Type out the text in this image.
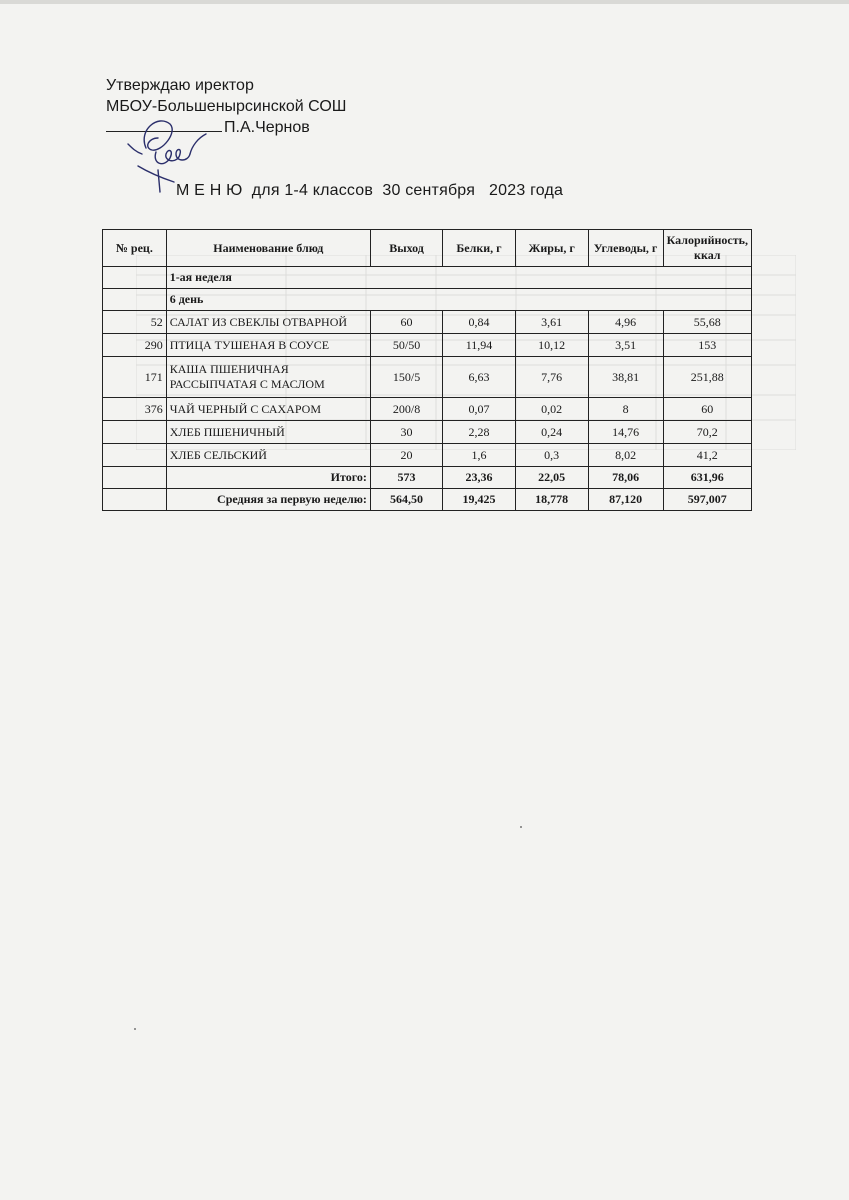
Утверждаю иректор
МБОУ-Большенырсинской СОШ
П.А.Чернов
М Е Н Ю  для 1-4 классов  30 сентября   2023 года
№ рец.	Наименование блюд	Выход	Белки, г	Жиры, г	Углеводы, г	Калорийность, ккал
	1-ая неделя					
	6 день					
52	САЛАТ ИЗ СВЕКЛЫ ОТВАРНОЙ	60	0,84	3,61	4,96	55,68
290	ПТИЦА ТУШЕНАЯ В СОУСЕ	50/50	11,94	10,12	3,51	153
171	КАША ПШЕНИЧНАЯ РАССЫПЧАТАЯ С МАСЛОМ	150/5	6,63	7,76	38,81	251,88
376	ЧАЙ ЧЕРНЫЙ С САХАРОМ	200/8	0,07	0,02	8	60
	ХЛЕБ ПШЕНИЧНЫЙ	30	2,28	0,24	14,76	70,2
	ХЛЕБ СЕЛЬСКИЙ	20	1,6	0,3	8,02	41,2
	Итого:	573	23,36	22,05	78,06	631,96
	Средняя за первую неделю:	564,50	19,425	18,778	87,120	597,007
